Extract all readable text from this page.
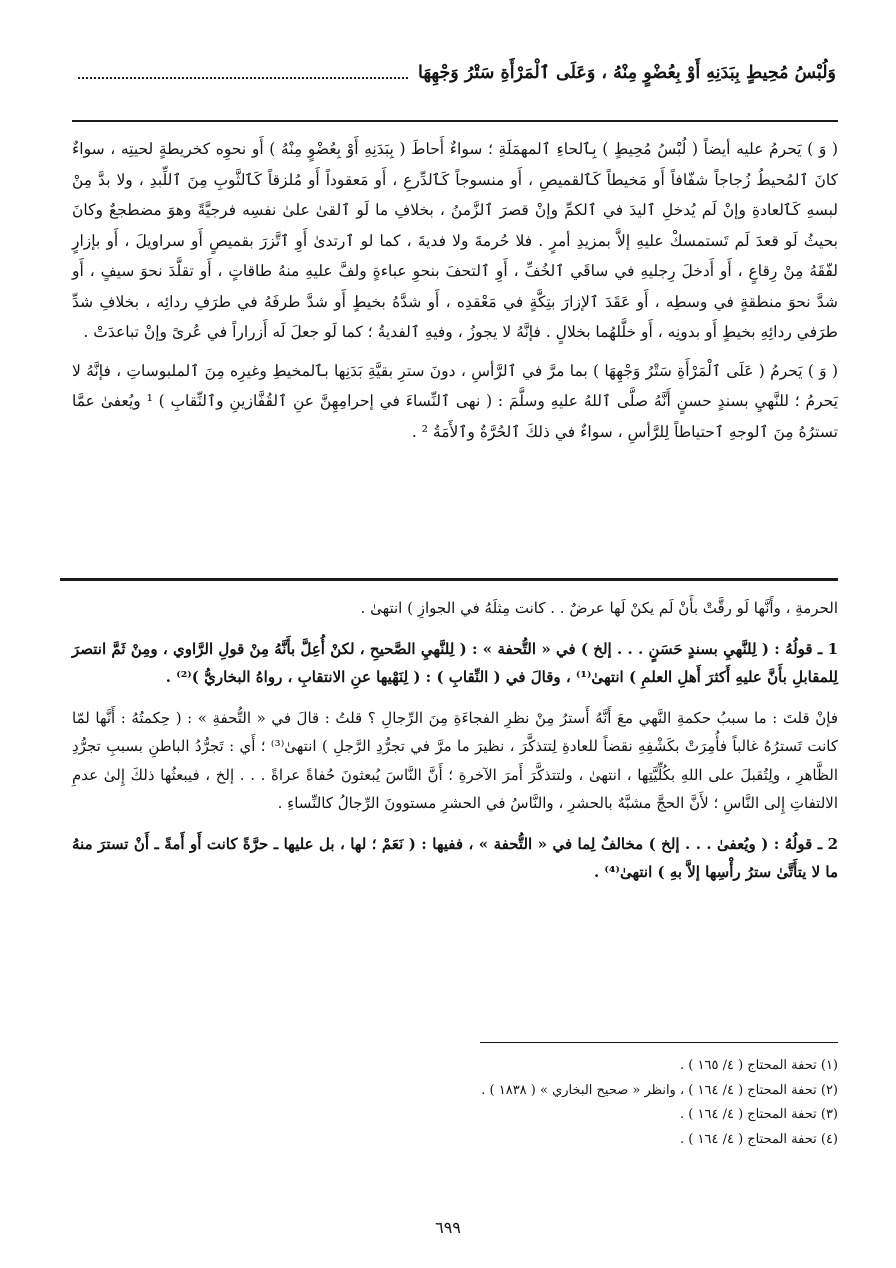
وَلُبْسُ مُحِيطٍ بِبَدَنِهِ أَوْ بِعُضْوٍ مِنْهُ ، وَعَلَى ٱلْمَرْأَةِ سَتْرُ وَجْهِهَا

( وَ ) يَحرمُ عليه أيضاً ( لُبْسُ مُحِيطٍ ) بِٱلحاءِ ٱلمهمَلَةِ ؛ سواءٌ أَحاطَ ( بِبَدَنِهِ أَوْ بِعُضْوٍ مِنْهُ ) أَو نحوِه كخريطةٍ لحيتِه ، سواءٌ كانَ ٱلمُحيطُ زُجاجاً شفّافاً أَو مَخيطاً كَٱلقميصِ ، أَو منسوجاً كَٱلدِّرعِ ، أَو مَعقوداً أَو مُلزقاً كَٱلثَّوبِ مِنَ ٱللِّبدِ ، ولا بدَّ مِنْ لبسهِ كَٱلعادةِ وإنْ لَم يُدخلِ ٱليدَ في ٱلكمِّ وإنْ قصرَ ٱلزَّمنُ ، بخلافِ ما لَو ٱلقىٰ علىٰ نفسِه فرجيَّةً وهوَ مضطجعٌ وكانَ بحيثُ لَو قعدَ لَم تَستمسكْ عليهِ إلاَّ بمزيدِ أمرٍ . فلا حُرمةَ ولا فديةَ ، كما لو ٱرتدىٰ أَوِ ٱتَّزرَ بقميصٍ أَو سراويلَ ، أَو بإزارٍ لفّقَهُ مِنْ رِقاعٍ ، أَو أَدخلَ رِجليهِ في ساقَي ٱلخُفِّ ، أَوِ ٱلتحفَ بنحوِ عباءةٍ ولفَّ عليهِ منهُ طاقاتٍ ، أَو تقلَّدَ نحوَ سيفٍ ، أَو شدَّ نحوَ منطقةٍ في وسطِه ، أَو عَقَدَ ٱلإزارَ بتِكَّةٍ في مَعْقدِه ، أَو شدَّهُ بخيطٍ أَو شدَّ طرفَهُ في طرَفِ ردائِه ، بخلافِ شدِّ طرَفي ردائِهِ بخيطٍ أَو بدونِه ، أَو خلَّلهُما بخلالٍ . فإنَّهُ لا يجوزُ ، وفيهِ ٱلفديةُ ؛ كما لَو جعلَ لَه أَزراراً في عُرىً وإنْ تباعدَتْ .

( وَ ) يَحرمُ ( عَلَى ٱلْمَرْأَةِ سَتْرُ وَجْهِهَا ) بما مرَّ في ٱلرَّأسِ ، دونَ سترِ بقيَّةِ بَدَنِها بٱلمخيطِ وغيرِه مِنَ ٱلملبوساتِ ، فإنَّهُ لا يَحرمُ ؛ للنَّهيِ بسندٍ حسنٍ أَنَّهُ صلَّى ٱللهُ عليهِ وسلَّمَ : ( نهى ٱلنِّساءَ في إحرامِهِنَّ عنِ ٱلقُفَّازينِ وٱلنِّقابِ ) ¹ ويُعفىٰ عمَّا تسترُهُ مِنَ ٱلوجهِ ٱحتياطاً لِلرَّأسِ ، سواءٌ في ذلكَ ٱلحُرَّةُ وٱلأَمَةُ ² .

الحرمةِ ، وأَنَّها لَو رقَّتْ بأَنْ لَم يكنْ لَها عرضٌ . . كانت مِثلَهُ في الجوازِ ) انتهىٰ .

1 ـ قولُهُ : ( لِلنَّهيِ بسندٍ حَسَنٍ . . . إلخ ) في « التُّحفة » : ( لِلنَّهيِ الصَّحيحِ ، لكنْ أُعِلَّ بأَنَّهُ مِنْ قولِ الرَّاوي ، ومِنْ ثَمَّ انتصرَ لِلمقابلِ بأَنَّ عليهِ أَكثرَ أَهلِ العلمِ ) انتهىٰ⁽¹⁾ ، وقالَ في ( النِّقابِ ) : ( لِنَهْيها عنِ الانتقابِ ، رواهُ البخاريُّ )⁽²⁾ .

فإنْ قلتَ : ما سببُ حكمةِ النَّهي معَ أَنَّهُ أَسترُ مِنْ نظرِ الفجاءَةِ مِنَ الرِّجالِ ؟ قلتُ : قالَ في « التُّحفةِ » : ( حِكمتُهُ : أَنَّها لمّا كانت تَسترُهُ غالباً فأُمِرَتْ بكَشْفِهِ نقضاً للعادةِ لِتتذكَّرَ ، نظيرَ ما مرَّ في تجرُّدِ الرَّجلِ ) انتهىٰ⁽³⁾ ؛ أَي : تَجرُّدُ الباطنِ بسببِ تجرُّدِ الظَّاهرِ ، ولِتُقبلَ على اللهِ بكُلِّيَّتِها ، انتهىٰ ، ولتتذكَّرَ أَمرَ الآخرةِ ؛ أَنَّ النَّاسَ يُبعثونَ حُفاةً عراةً . . . إلخ ، فيبعثُها ذلكَ إِلىٰ عدمِ الالتفاتِ إِلى النَّاسِ ؛ لأَنَّ الحجَّ مشبَّهٌ بالحشرِ ، والنَّاسُ في الحشرِ مستوونَ الرِّجالُ كالنِّساءِ .

2 ـ قولُهُ : ( ويُعفىٰ . . . إلخ ) مخالفٌ لِما في « التُّحفة » ، ففيها : ( نَعَمْ ؛ لها ، بل عليها ـ حرَّةً كانت أَو أَمةً ـ أَنْ تسترَ منهُ ما لا يتأَتَّىٰ سترُ رأْسِها إلاَّ بهِ ) انتهىٰ⁽⁴⁾ .

(١) تحفة المحتاج ( ٤/ ١٦٥ ) .
(٢) تحفة المحتاج ( ٤/ ١٦٤ ) ، وانظر « صحيح البخاري » ( ١٨٣٨ ) .
(٣) تحفة المحتاج ( ٤/ ١٦٤ ) .
(٤) تحفة المحتاج ( ٤/ ١٦٤ ) .
٦٩٩
